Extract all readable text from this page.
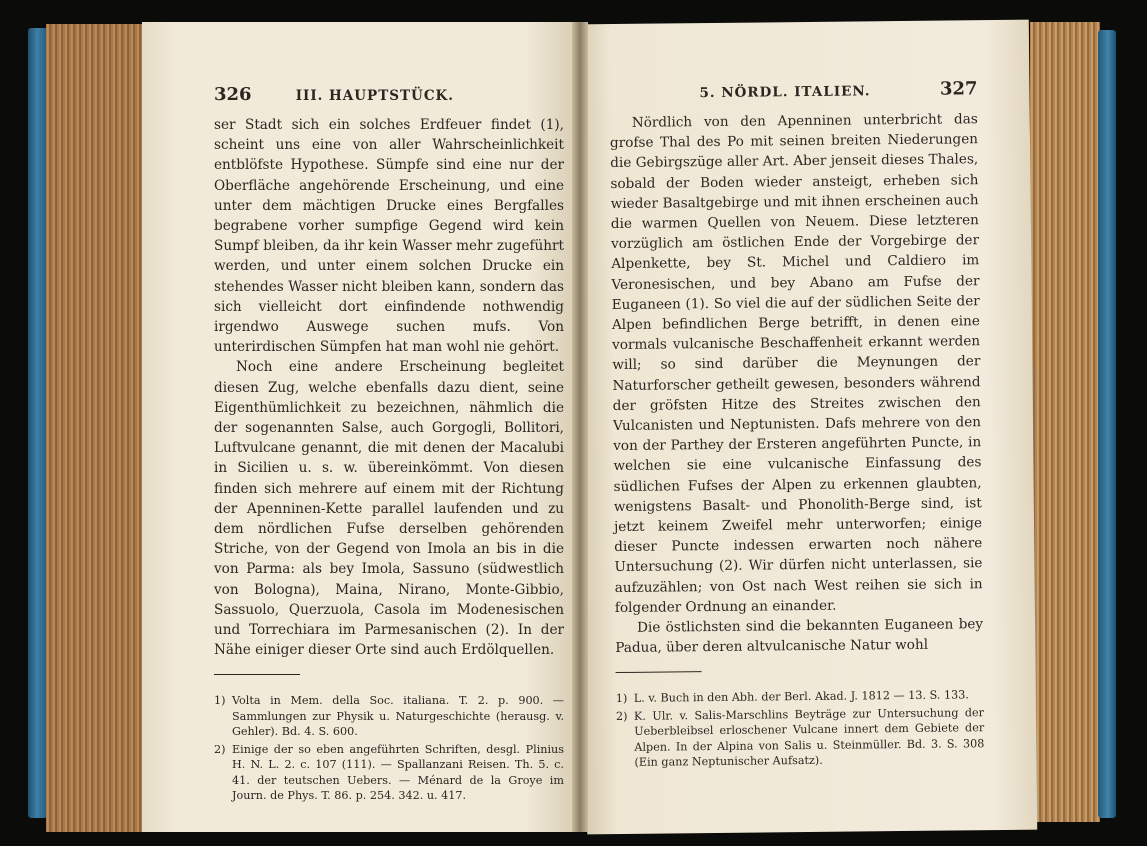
326	III. HAUPTSTÜCK.

ser Stadt sich ein solches Erdfeuer findet (1), scheint uns eine von aller Wahrscheinlichkeit entblöfste Hypothese. Sümpfe sind eine nur der Oberfläche angehörende Erscheinung, und eine unter dem mächtigen Drucke eines Bergfalles begrabene vorher sumpfige Gegend wird kein Sumpf bleiben, da ihr kein Wasser mehr zugeführt werden, und unter einem solchen Drucke ein stehendes Wasser nicht bleiben kann, sondern das sich vielleicht dort einfindende nothwendig irgendwo Auswege suchen mufs. Von unterirdischen Sümpfen hat man wohl nie gehört.

Noch eine andere Erscheinung begleitet diesen Zug, welche ebenfalls dazu dient, seine Eigenthümlichkeit zu bezeichnen, nähmlich die der sogenannten Salse, auch Gorgogli, Bollitori, Luftvulcane genannt, die mit denen der Macalubi in Sicilien u. s. w. übereinkömmt. Von diesen finden sich mehrere auf einem mit der Richtung der Apenninen-Kette parallel laufenden und zu dem nördlichen Fufse derselben gehörenden Striche, von der Gegend von Imola an bis in die von Parma: als bey Imola, Sassuno (südwestlich von Bologna), Maina, Nirano, Monte-Gibbio, Sassuolo, Querzuola, Casola im Modenesischen und Torrechiara im Parmesanischen (2). In der Nähe einiger dieser Orte sind auch Erdölquellen.

1) Volta in Mem. della Soc. italiana. T. 2. p. 900. — Sammlungen zur Physik u. Naturgeschichte (herausg. v. Gehler). Bd. 4. S. 600.
2) Einige der so eben angeführten Schriften, desgl. Plinius H. N. L. 2. c. 107 (111). — Spallanzani Reisen. Th. 5. c. 41. der teutschen Uebers. — Ménard de la Groye im Journ. de Phys. T. 86. p. 254. 342. u. 417.
5. NÖRDL. ITALIEN.	327

Nördlich von den Apenninen unterbricht das grofse Thal des Po mit seinen breiten Niederungen die Gebirgszüge aller Art. Aber jenseit dieses Thales, sobald der Boden wieder ansteigt, erheben sich wieder Basaltgebirge und mit ihnen erscheinen auch die warmen Quellen von Neuem. Diese letzteren vorzüglich am östlichen Ende der Vorgebirge der Alpenkette, bey St. Michel und Caldiero im Veronesischen, und bey Abano am Fufse der Euganeen (1). So viel die auf der südlichen Seite der Alpen befindlichen Berge betrifft, in denen eine vormals vulcanische Beschaffenheit erkannt werden will; so sind darüber die Meynungen der Naturforscher getheilt gewesen, besonders während der gröfsten Hitze des Streites zwischen den Vulcanisten und Neptunisten. Dafs mehrere von den von der Parthey der Ersteren angeführten Puncte, in welchen sie eine vulcanische Einfassung des südlichen Fufses der Alpen zu erkennen glaubten, wenigstens Basalt- und Phonolith-Berge sind, ist jetzt keinem Zweifel mehr unterworfen; einige dieser Puncte indessen erwarten noch nähere Untersuchung (2). Wir dürfen nicht unterlassen, sie aufzuzählen; von Ost nach West reihen sie sich in folgender Ordnung an einander.

Die östlichsten sind die bekannten Euganeen bey Padua, über deren altvulcanische Natur wohl

1) L. v. Buch in den Abh. der Berl. Akad. J. 1812 — 13. S. 133.
2) K. Ulr. v. Salis-Marschlins Beyträge zur Untersuchung der Ueberbleibsel erloschener Vulcane innert dem Gebiete der Alpen. In der Alpina von Salis u. Steinmüller. Bd. 3. S. 308 (Ein ganz Neptunischer Aufsatz).
